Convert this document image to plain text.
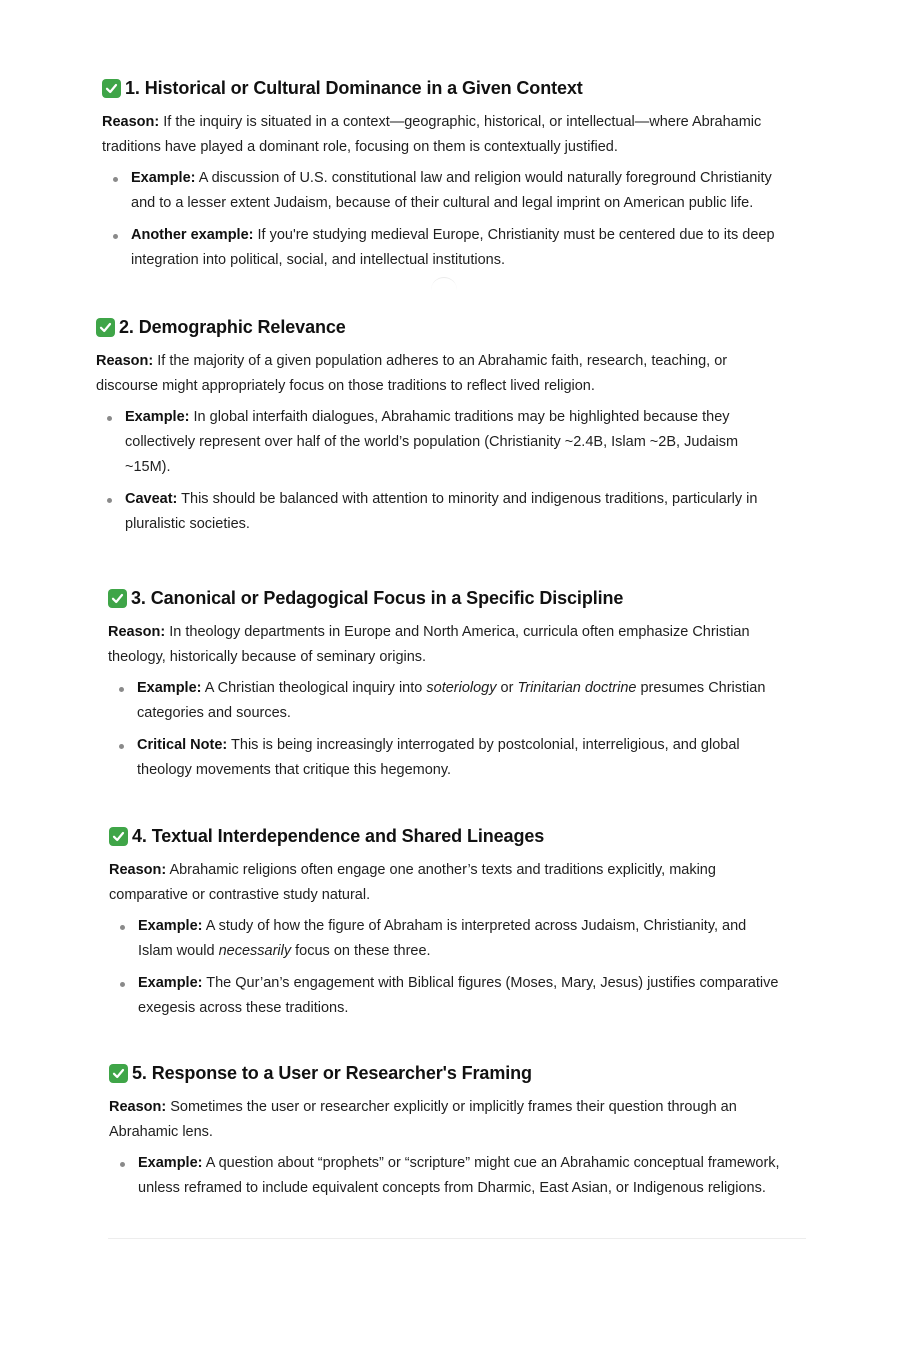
1. Historical or Cultural Dominance in a Given Context

Reason: If the inquiry is situated in a context—geographic, historical, or intellectual—where Abrahamic traditions have played a dominant role, focusing on them is contextually justified.

Example: A discussion of U.S. constitutional law and religion would naturally foreground Christianity and to a lesser extent Judaism, because of their cultural and legal imprint on American public life.
Another example: If you're studying medieval Europe, Christianity must be centered due to its deep integration into political, social, and intellectual institutions.
2. Demographic Relevance

Reason: If the majority of a given population adheres to an Abrahamic faith, research, teaching, or discourse might appropriately focus on those traditions to reflect lived religion.

Example: In global interfaith dialogues, Abrahamic traditions may be highlighted because they collectively represent over half of the world’s population (Christianity ~2.4B, Islam ~2B, Judaism ~15M).
Caveat: This should be balanced with attention to minority and indigenous traditions, particularly in pluralistic societies.
3. Canonical or Pedagogical Focus in a Specific Discipline

Reason: In theology departments in Europe and North America, curricula often emphasize Christian theology, historically because of seminary origins.

Example: A Christian theological inquiry into soteriology or Trinitarian doctrine presumes Christian categories and sources.
Critical Note: This is being increasingly interrogated by postcolonial, interreligious, and global theology movements that critique this hegemony.
4. Textual Interdependence and Shared Lineages

Reason: Abrahamic religions often engage one another’s texts and traditions explicitly, making comparative or contrastive study natural.

Example: A study of how the figure of Abraham is interpreted across Judaism, Christianity, and Islam would necessarily focus on these three.
Example: The Qur’an’s engagement with Biblical figures (Moses, Mary, Jesus) justifies comparative exegesis across these traditions.
5. Response to a User or Researcher's Framing

Reason: Sometimes the user or researcher explicitly or implicitly frames their question through an Abrahamic lens.

Example: A question about “prophets” or “scripture” might cue an Abrahamic conceptual framework, unless reframed to include equivalent concepts from Dharmic, East Asian, or Indigenous religions.
